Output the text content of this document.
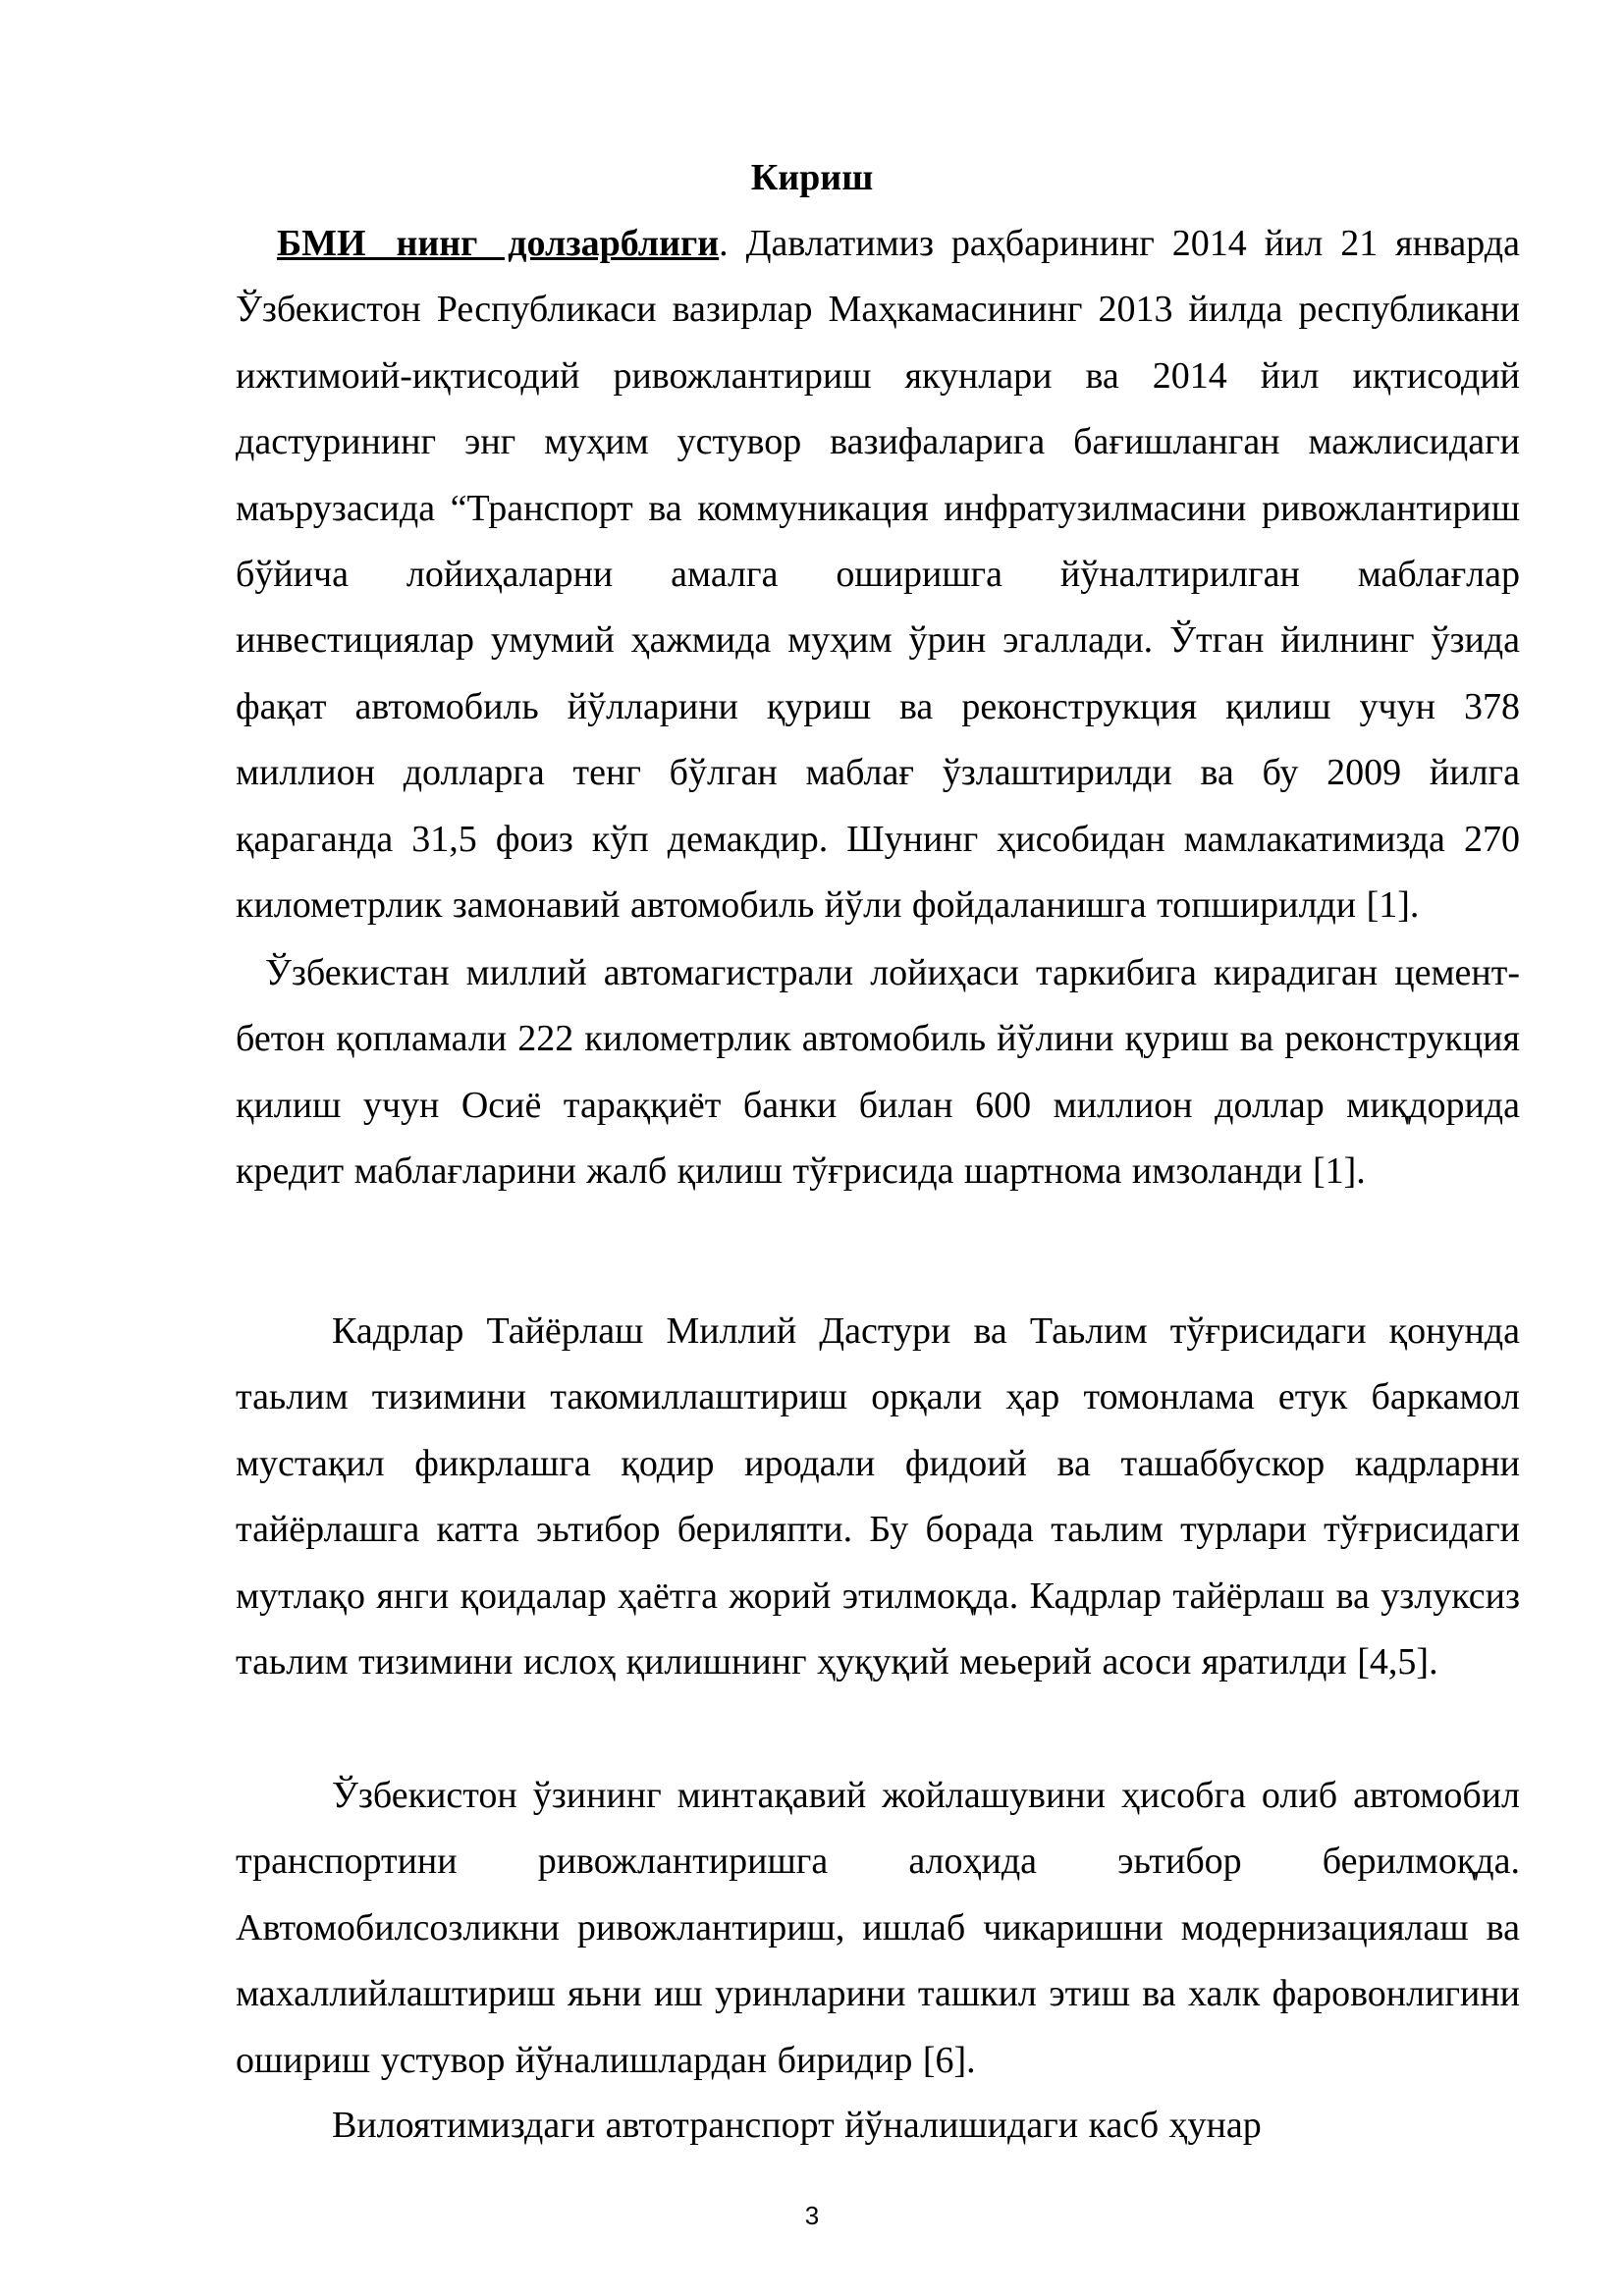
Кириш

БМИ нинг долзарблиги. Давлатимиз раҳбарининг 2014 йил 21 январда Ўзбекистон Республикаси вазирлар Маҳкамасининг 2013 йилда республикани ижтимоий-иқтисодий ривожлантириш якунлари ва 2014 йил иқтисодий дастурининг энг муҳим устувор вазифаларига бағишланган мажлисидаги маърузасида “Транспорт ва коммуникация инфратузилмасини ривожлантириш бўйича лойиҳаларни амалга оширишга йўналтирилган маблағлар инвестициялар умумий ҳажмида муҳим ўрин эгаллади. Ўтган йилнинг ўзида фақат автомобиль йўлларини қуриш ва реконструкция қилиш учун 378 миллион долларга тенг бўлган маблағ ўзлаштирилди ва бу 2009 йилга қараганда 31,5 фоиз кўп демакдир. Шунинг ҳисобидан мамлакатимизда 270 километрлик замонавий автомобиль йўли фойдаланишга топширилди [1].

Ўзбекистан миллий автомагистрали лойиҳаси таркибига кирадиган цемент-бетон қопламали 222 километрлик автомобиль йўлини қуриш ва реконструкция қилиш учун Осиё тараққиёт банки билан 600 миллион доллар миқдорида кредит маблағларини жалб қилиш тўғрисида шартнома имзоланди [1].

Кадрлар Тайёрлаш Миллий Дастури ва Таьлим тўғрисидаги қонунда таьлим тизимини такомиллаштириш орқали ҳар томонлама етук баркамол мустақил фикрлашга қодир иродали фидоий ва ташаббускор кадрларни тайёрлашга катта эьтибор бериляпти. Бу борада таьлим турлари тўғрисидаги мутлақо янги қоидалар ҳаётга жорий этилмоқда. Кадрлар тайёрлаш ва узлуксиз таьлим тизимини ислоҳ қилишнинг ҳуқуқий меьерий асоси яратилди [4,5].

Ўзбекистон ўзининг минтақавий жойлашувини ҳисобга олиб автомобил транспортини ривожлантиришга алоҳида эьтибор берилмоқда. Автомобилсозликни ривожлантириш, ишлаб чикаришни модернизациялаш ва махаллийлаштириш яьни иш уринларини ташкил этиш ва халк фаровонлигини ошириш устувор йўналишлардан биридир [6].

Вилоятимиздаги автотранспорт йўналишидаги касб ҳунар

3
